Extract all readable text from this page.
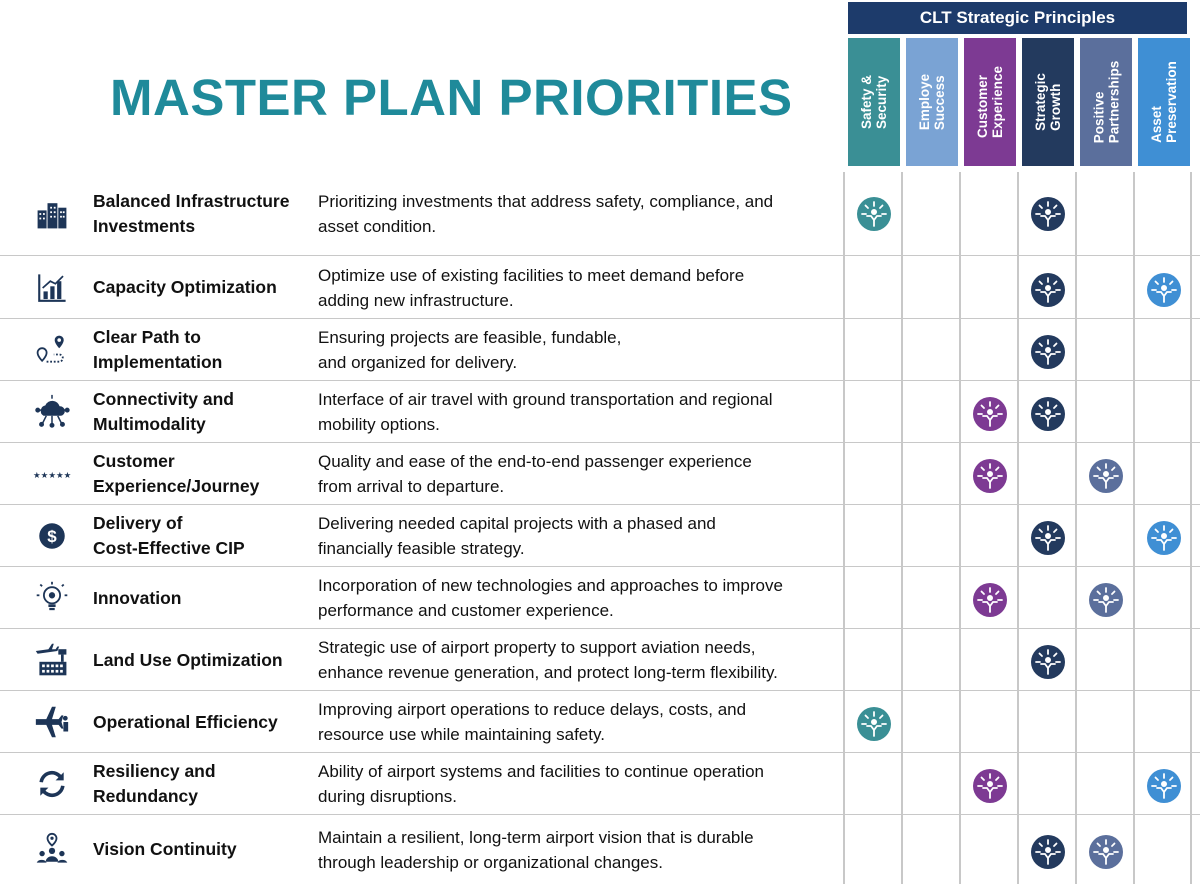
MASTER PLAN PRIORITIES
CLT Strategic Principles
Safety &
Security Employe
Success Customer
Experience Strategic
Growth Positive
Partnerships Asset
Preservation
Balanced Infrastructure
Investments
Prioritizing investments that address safety, compliance, and
asset condition.
Capacity Optimization
Optimize use of existing facilities to meet demand before
adding new infrastructure.
Clear Path to
Implementation
Ensuring projects are feasible, fundable,
and organized for delivery.
Connectivity and
Multimodality
Interface of air travel with ground transportation and regional
mobility options.
★★★★★
Customer
Experience/Journey
Quality and ease of the end-to-end passenger experience
from arrival to departure.
$
Delivery of
Cost-Effective CIP
Delivering needed capital projects with a phased and
financially feasible strategy.
Innovation
Incorporation of new technologies and approaches to improve
performance and customer experience.
Land Use Optimization
Strategic use of airport property to support aviation needs,
enhance revenue generation, and protect long-term flexibility.
Operational Efficiency
Improving airport operations to reduce delays, costs, and
resource use while maintaining safety.
Resiliency and
Redundancy
Ability of airport systems and facilities to continue operation
during disruptions.
Vision Continuity
Maintain a resilient, long-term airport vision that is durable
through leadership or organizational changes.
